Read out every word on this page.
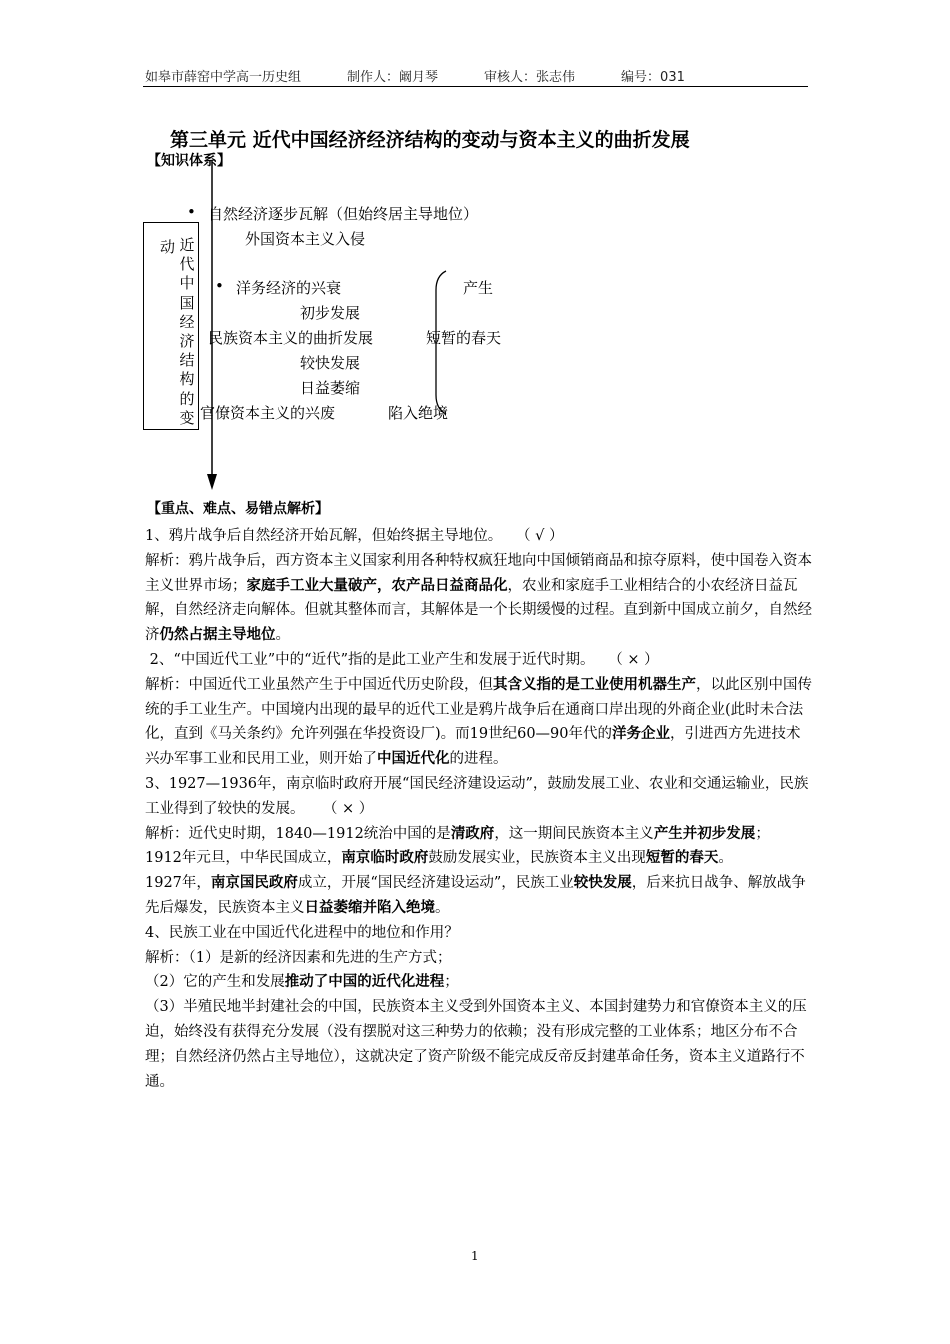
如皋市薛窑中学高一历史组	制作人：阚月琴	审核人：张志伟	编号：031
第三单元 近代中国经济经济结构的变动与资本主义的曲折发展
【知识体系】
动 近
代
中
国
经
济
结
构
的
变
• 自然经济逐步瓦解（但始终居主导地位）
外国资本主义入侵
• 洋务经济的兴衰	产生
初步发展
民族资本主义的曲折发展	短暂的春天
较快发展
日益萎缩
官僚资本主义的兴废	陷入绝境
【重点、难点、易错点解析】

1、鸦片战争后自然经济开始瓦解，但始终据主导地位。   （ √ ）

解析：鸦片战争后，西方资本主义国家利用各种特权疯狂地向中国倾销商品和掠夺原料，使中国卷入资本主义世界市场；家庭手工业大量破产，农产品日益商品化，农业和家庭手工业相结合的小农经济日益瓦解，自然经济走向解体。但就其整体而言，其解体是一个长期缓慢的过程。直到新中国成立前夕，自然经济仍然占据主导地位。

2、“中国近代工业”中的“近代”指的是此工业产生和发展于近代时期。   （ × ）

解析：中国近代工业虽然产生于中国近代历史阶段，但其含义指的是工业使用机器生产，以此区别中国传统的手工业生产。中国境内出现的最早的近代工业是鸦片战争后在通商口岸出现的外商企业(此时未合法化，直到《马关条约》允许列强在华投资设厂)。而19世纪60—90年代的洋务企业，引进西方先进技术兴办军事工业和民用工业，则开始了中国近代化的进程。

3、1927—1936年，南京临时政府开展“国民经济建设运动”，鼓励发展工业、农业和交通运输业，民族工业得到了较快的发展。    （ × ）

解析：近代史时期，1840—1912统治中国的是清政府，这一期间民族资本主义产生并初步发展；

1912年元旦，中华民国成立，南京临时政府鼓励发展实业，民族资本主义出现短暂的春天。

1927年，南京国民政府成立，开展“国民经济建设运动”，民族工业较快发展，后来抗日战争、解放战争先后爆发，民族资本主义日益萎缩并陷入绝境。

4、民族工业在中国近代化进程中的地位和作用？

解析：（1）是新的经济因素和先进的生产方式；

（2）它的产生和发展推动了中国的近代化进程；

（3）半殖民地半封建社会的中国，民族资本主义受到外国资本主义、本国封建势力和官僚资本主义的压迫，始终没有获得充分发展（没有摆脱对这三种势力的依赖；没有形成完整的工业体系；地区分布不合理；自然经济仍然占主导地位），这就决定了资产阶级不能完成反帝反封建革命任务，资本主义道路行不通。

1
